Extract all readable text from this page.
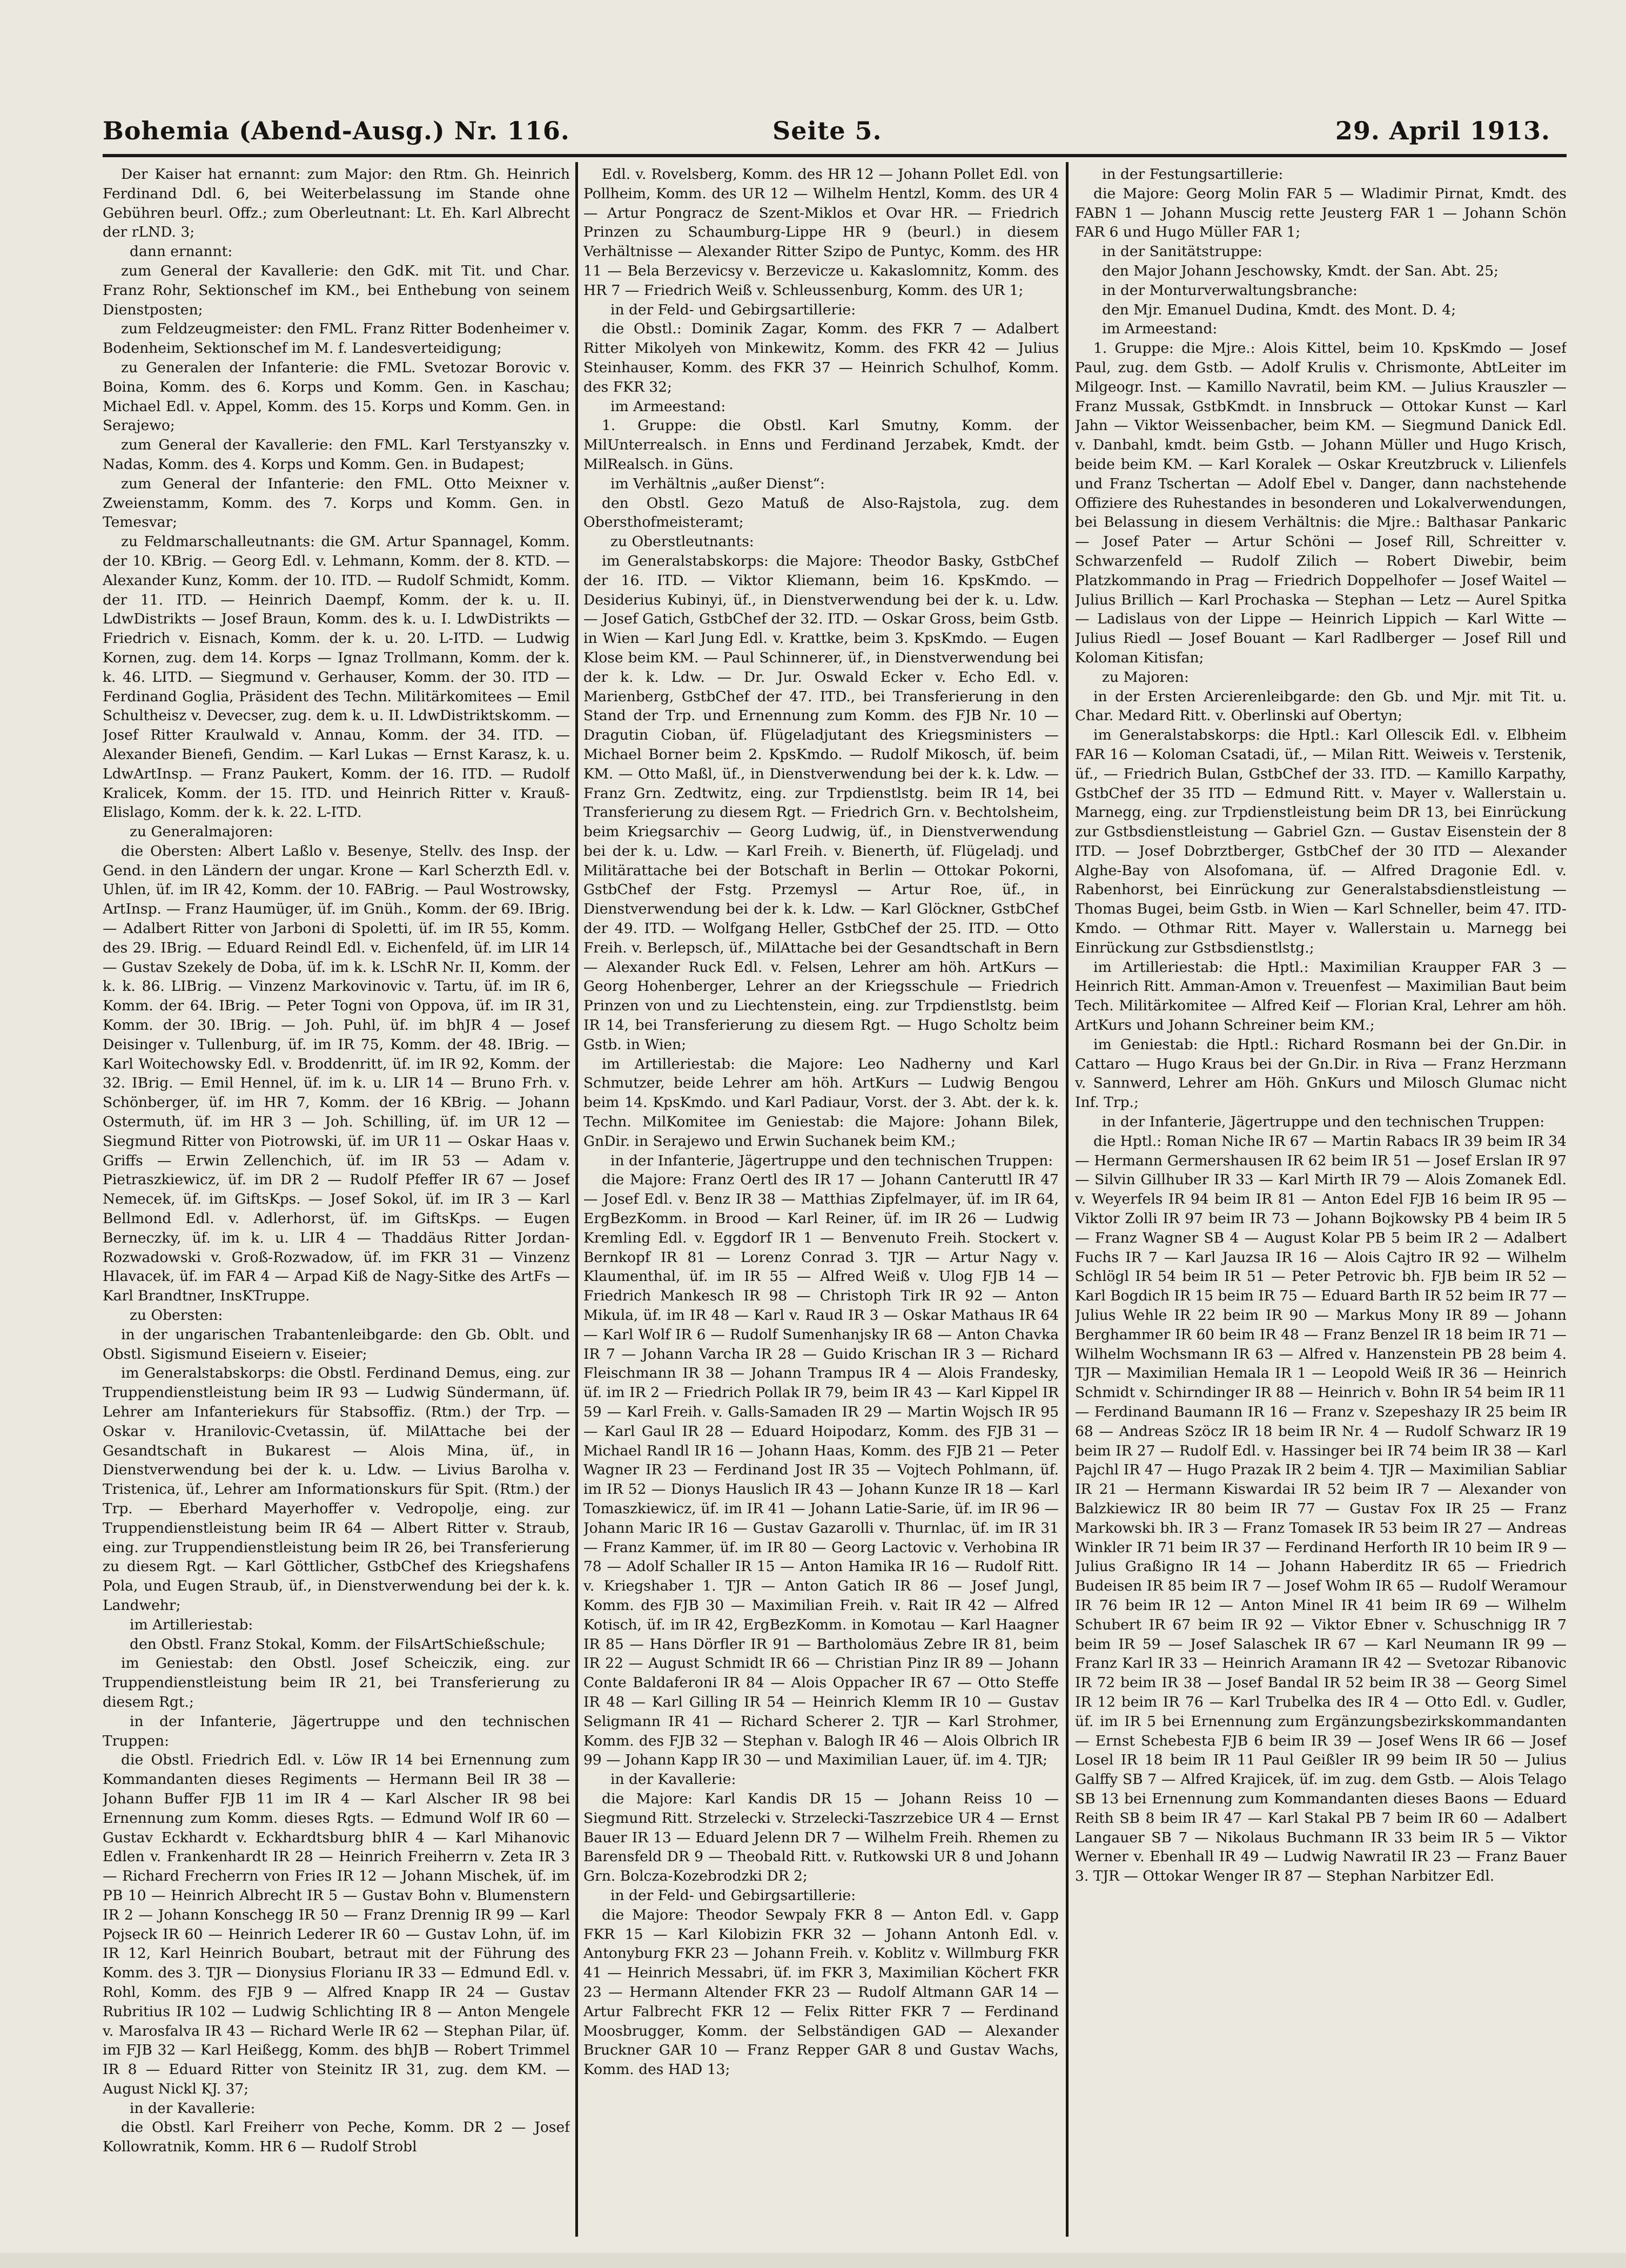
Bohemia (Abend-Ausg.) Nr. 116.	Seite 5.	29. April 1913.

Der Kaiser hat ernannt: zum Major: den Rtm. Gh. Heinrich Ferdinand Ddl. 6, bei Weiterbelassung im Stande ohne Gebühren beurl. Offz.; zum Oberleutnant: Lt. Eh. Karl Albrecht der rLND. 3;

dann ernannt:

zum General der Kavallerie: den GdK. mit Tit. und Char. Franz Rohr, Sektionschef im KM., bei Enthebung von seinem Dienstposten;

zum Feldzeugmeister: den FML. Franz Ritter Bodenheimer v. Bodenheim, Sektionschef im M. f. Landesverteidigung;

zu Generalen der Infanterie: die FML. Svetozar Borovic v. Boina, Komm. des 6. Korps und Komm. Gen. in Kaschau; Michael Edl. v. Appel, Komm. des 15. Korps und Komm. Gen. in Serajewo;

zum General der Kavallerie: den FML. Karl Terstyanszky v. Nadas, Komm. des 4. Korps und Komm. Gen. in Budapest;

zum General der Infanterie: den FML. Otto Meixner v. Zweienstamm, Komm. des 7. Korps und Komm. Gen. in Temesvar;

zu Feldmarschalleutnants: die GM. Artur Spannagel, Komm. der 10. KBrig. — Georg Edl. v. Lehmann, Komm. der 8. KTD. — Alexander Kunz, Komm. der 10. ITD. — Rudolf Schmidt, Komm. der 11. ITD. — Heinrich Daempf, Komm. der k. u. II. LdwDistrikts — Josef Braun, Komm. des k. u. I. LdwDistrikts — Friedrich v. Eisnach, Komm. der k. u. 20. L-ITD. — Ludwig Kornen, zug. dem 14. Korps — Ignaz Trollmann, Komm. der k. k. 46. LITD. — Siegmund v. Gerhauser, Komm. der 30. ITD — Ferdinand Goglia, Präsident des Techn. Militärkomitees — Emil Schultheisz v. Devecser, zug. dem k. u. II. LdwDistriktskomm. — Josef Ritter Kraulwald v. Annau, Komm. der 34. ITD. — Alexander Bienefi, Gendim. — Karl Lukas — Ernst Karasz, k. u. LdwArtInsp. — Franz Paukert, Komm. der 16. ITD. — Rudolf Kralicek, Komm. der 15. ITD. und Heinrich Ritter v. Krauß-Elislago, Komm. der k. k. 22. L-ITD.

zu Generalmajoren:

die Obersten: Albert Laßlo v. Besenye, Stellv. des Insp. der Gend. in den Ländern der ungar. Krone — Karl Scherzth Edl. v. Uhlen, üf. im IR 42, Komm. der 10. FABrig. — Paul Wostrowsky, ArtInsp. — Franz Haumüger, üf. im Gnüh., Komm. der 69. IBrig. — Adalbert Ritter von Jarboni di Spoletti, üf. im IR 55, Komm. des 29. IBrig. — Eduard Reindl Edl. v. Eichenfeld, üf. im LIR 14 — Gustav Szekely de Doba, üf. im k. k. LSchR Nr. II, Komm. der k. k. 86. LIBrig. — Vinzenz Markovinovic v. Tartu, üf. im IR 6, Komm. der 64. IBrig. — Peter Togni von Oppova, üf. im IR 31, Komm. der 30. IBrig. — Joh. Puhl, üf. im bhJR 4 — Josef Deisinger v. Tullenburg, üf. im IR 75, Komm. der 48. IBrig. — Karl Woitechowsky Edl. v. Broddenritt, üf. im IR 92, Komm. der 32. IBrig. — Emil Hennel, üf. im k. u. LIR 14 — Bruno Frh. v. Schönberger, üf. im HR 7, Komm. der 16 KBrig. — Johann Ostermuth, üf. im HR 3 — Joh. Schilling, üf. im UR 12 — Siegmund Ritter von Piotrowski, üf. im UR 11 — Oskar Haas v. Griffs — Erwin Zellenchich, üf. im IR 53 — Adam v. Pietraszkiewicz, üf. im DR 2 — Rudolf Pfeffer IR 67 — Josef Nemecek, üf. im GiftsKps. — Josef Sokol, üf. im IR 3 — Karl Bellmond Edl. v. Adlerhorst, üf. im GiftsKps. — Eugen Berneczky, üf. im k. u. LIR 4 — Thaddäus Ritter Jordan-Rozwadowski v. Groß-Rozwadow, üf. im FKR 31 — Vinzenz Hlavacek, üf. im FAR 4 — Arpad Kiß de Nagy-Sitke des ArtFs — Karl Brandtner, InsKTruppe.

zu Obersten:

in der ungarischen Trabantenleibgarde: den Gb. Oblt. und Obstl. Sigismund Eiseiern v. Eiseier;

im Generalstabskorps: die Obstl. Ferdinand Demus, eing. zur Truppendienstleistung beim IR 93 — Ludwig Sündermann, üf. Lehrer am Infanteriekurs für Stabsoffiz. (Rtm.) der Trp. — Oskar v. Hranilovic-Cvetassin, üf. MilAttache bei der Gesandtschaft in Bukarest — Alois Mina, üf., in Dienstverwendung bei der k. u. Ldw. — Livius Barolha v. Tristenica, üf., Lehrer am Informationskurs für Spit. (Rtm.) der Trp. — Eberhard Mayerhoffer v. Vedropolje, eing. zur Truppendienstleistung beim IR 64 — Albert Ritter v. Straub, eing. zur Truppendienstleistung beim IR 26, bei Transferierung zu diesem Rgt. — Karl Göttlicher, GstbChef des Kriegshafens Pola, und Eugen Straub, üf., in Dienstverwendung bei der k. k. Landwehr;

im Artilleriestab:

den Obstl. Franz Stokal, Komm. der FilsArtSchießschule;

im Geniestab: den Obstl. Josef Scheiczik, eing. zur Truppendienstleistung beim IR 21, bei Transferierung zu diesem Rgt.;

in der Infanterie, Jägertruppe und den technischen Truppen:

die Obstl. Friedrich Edl. v. Löw IR 14 bei Ernennung zum Kommandanten dieses Regiments — Hermann Beil IR 38 — Johann Buffer FJB 11 im IR 4 — Karl Alscher IR 98 bei Ernennung zum Komm. dieses Rgts. — Edmund Wolf IR 60 — Gustav Eckhardt v. Eckhardtsburg bhIR 4 — Karl Mihanovic Edlen v. Frankenhardt IR 28 — Heinrich Freiherrn v. Zeta IR 3 — Richard Frecherrn von Fries IR 12 — Johann Mischek, üf. im PB 10 — Heinrich Albrecht IR 5 — Gustav Bohn v. Blumenstern IR 2 — Johann Konschegg IR 50 — Franz Drennig IR 99 — Karl Pojseck IR 60 — Heinrich Lederer IR 60 — Gustav Lohn, üf. im IR 12, Karl Heinrich Boubart, betraut mit der Führung des Komm. des 3. TJR — Dionysius Florianu IR 33 — Edmund Edl. v. Rohl, Komm. des FJB 9 — Alfred Knapp IR 24 — Gustav Rubritius IR 102 — Ludwig Schlichting IR 8 — Anton Mengele v. Marosfalva IR 43 — Richard Werle IR 62 — Stephan Pilar, üf. im FJB 32 — Karl Heißegg, Komm. des bhJB — Robert Trimmel IR 8 — Eduard Ritter von Steinitz IR 31, zug. dem KM. — August Nickl KJ. 37;

in der Kavallerie:

die Obstl. Karl Freiherr von Peche, Komm. DR 2 — Josef Kollowratnik, Komm. HR 6 — Rudolf Strobl

Edl. v. Rovelsberg, Komm. des HR 12 — Johann Pollet Edl. von Pollheim, Komm. des UR 12 — Wilhelm Hentzl, Komm. des UR 4 — Artur Pongracz de Szent-Miklos et Ovar HR. — Friedrich Prinzen zu Schaumburg-Lippe HR 9 (beurl.) in diesem Verhältnisse — Alexander Ritter Szipo de Puntyc, Komm. des HR 11 — Bela Berzevicsy v. Berzevicze u. Kakaslomnitz, Komm. des HR 7 — Friedrich Weiß v. Schleussenburg, Komm. des UR 1;

in der Feld- und Gebirgsartillerie:

die Obstl.: Dominik Zagar, Komm. des FKR 7 — Adalbert Ritter Mikolyeh von Minkewitz, Komm. des FKR 42 — Julius Steinhauser, Komm. des FKR 37 — Heinrich Schulhof, Komm. des FKR 32;

im Armeestand:

1. Gruppe: die Obstl. Karl Smutny, Komm. der MilUnterrealsch. in Enns und Ferdinand Jerzabek, Kmdt. der MilRealsch. in Güns.

im Verhältnis „außer Dienst“:

den Obstl. Gezo Matuß de Also-Rajstola, zug. dem Obersthofmeisteramt;

zu Oberstleutnants:

im Generalstabskorps: die Majore: Theodor Basky, GstbChef der 16. ITD. — Viktor Kliemann, beim 16. KpsKmdo. — Desiderius Kubinyi, üf., in Dienstverwendung bei der k. u. Ldw. — Josef Gatich, GstbChef der 32. ITD. — Oskar Gross, beim Gstb. in Wien — Karl Jung Edl. v. Krattke, beim 3. KpsKmdo. — Eugen Klose beim KM. — Paul Schinnerer, üf., in Dienstverwendung bei der k. k. Ldw. — Dr. Jur. Oswald Ecker v. Echo Edl. v. Marienberg, GstbChef der 47. ITD., bei Transferierung in den Stand der Trp. und Ernennung zum Komm. des FJB Nr. 10 — Dragutin Cioban, üf. Flügeladjutant des Kriegsministers — Michael Borner beim 2. KpsKmdo. — Rudolf Mikosch, üf. beim KM. — Otto Maßl, üf., in Dienstverwendung bei der k. k. Ldw. — Franz Grn. Zedtwitz, eing. zur Trpdienstlstg. beim IR 14, bei Transferierung zu diesem Rgt. — Friedrich Grn. v. Bechtolsheim, beim Kriegsarchiv — Georg Ludwig, üf., in Dienstverwendung bei der k. u. Ldw. — Karl Freih. v. Bienerth, üf. Flügeladj. und Militärattache bei der Botschaft in Berlin — Ottokar Pokorni, GstbChef der Fstg. Przemysl — Artur Roe, üf., in Dienstverwendung bei der k. k. Ldw. — Karl Glöckner, GstbChef der 49. ITD. — Wolfgang Heller, GstbChef der 25. ITD. — Otto Freih. v. Berlepsch, üf., MilAttache bei der Gesandtschaft in Bern — Alexander Ruck Edl. v. Felsen, Lehrer am höh. ArtKurs — Georg Hohenberger, Lehrer an der Kriegsschule — Friedrich Prinzen von und zu Liechtenstein, eing. zur Trpdienstlstg. beim IR 14, bei Transferierung zu diesem Rgt. — Hugo Scholtz beim Gstb. in Wien;

im Artilleriestab: die Majore: Leo Nadherny und Karl Schmutzer, beide Lehrer am höh. ArtKurs — Ludwig Bengou beim 14. KpsKmdo. und Karl Padiaur, Vorst. der 3. Abt. der k. k. Techn. MilKomitee im Geniestab: die Majore: Johann Bilek, GnDir. in Serajewo und Erwin Suchanek beim KM.;

in der Infanterie, Jägertruppe und den technischen Truppen:

die Majore: Franz Oertl des IR 17 — Johann Canteruttl IR 47 — Josef Edl. v. Benz IR 38 — Matthias Zipfelmayer, üf. im IR 64, ErgBezKomm. in Brood — Karl Reiner, üf. im IR 26 — Ludwig Kremling Edl. v. Eggdorf IR 1 — Benvenuto Freih. Stockert v. Bernkopf IR 81 — Lorenz Conrad 3. TJR — Artur Nagy v. Klaumenthal, üf. im IR 55 — Alfred Weiß v. Ulog FJB 14 — Friedrich Mankesch IR 98 — Christoph Tirk IR 92 — Anton Mikula, üf. im IR 48 — Karl v. Raud IR 3 — Oskar Mathaus IR 64 — Karl Wolf IR 6 — Rudolf Sumenhanjsky IR 68 — Anton Chavka IR 7 — Johann Varcha IR 28 — Guido Krischan IR 3 — Richard Fleischmann IR 38 — Johann Trampus IR 4 — Alois Frandesky, üf. im IR 2 — Friedrich Pollak IR 79, beim IR 43 — Karl Kippel IR 59 — Karl Freih. v. Galls-Samaden IR 29 — Martin Wojsch IR 95 — Karl Gaul IR 28 — Eduard Hoipodarz, Komm. des FJB 31 — Michael Randl IR 16 — Johann Haas, Komm. des FJB 21 — Peter Wagner IR 23 — Ferdinand Jost IR 35 — Vojtech Pohlmann, üf. im IR 52 — Dionys Hauslich IR 43 — Johann Kunze IR 18 — Karl Tomaszkiewicz, üf. im IR 41 — Johann Latie-Sarie, üf. im IR 96 — Johann Maric IR 16 — Gustav Gazarolli v. Thurnlac, üf. im IR 31 — Franz Kammer, üf. im IR 80 — Georg Lactovic v. Verhobina IR 78 — Adolf Schaller IR 15 — Anton Hamika IR 16 — Rudolf Ritt. v. Kriegshaber 1. TJR — Anton Gatich IR 86 — Josef Jungl, Komm. des FJB 30 — Maximilian Freih. v. Rait IR 42 — Alfred Kotisch, üf. im IR 42, ErgBezKomm. in Komotau — Karl Haagner IR 85 — Hans Dörfler IR 91 — Bartholomäus Zebre IR 81, beim IR 22 — August Schmidt IR 66 — Christian Pinz IR 89 — Johann Conte Baldaferoni IR 84 — Alois Oppacher IR 67 — Otto Steffe IR 48 — Karl Gilling IR 54 — Heinrich Klemm IR 10 — Gustav Seligmann IR 41 — Richard Scherer 2. TJR — Karl Strohmer, Komm. des FJB 32 — Stephan v. Balogh IR 46 — Alois Olbrich IR 99 — Johann Kapp IR 30 — und Maximilian Lauer, üf. im 4. TJR;

in der Kavallerie:

die Majore: Karl Kandis DR 15 — Johann Reiss 10 — Siegmund Ritt. Strzelecki v. Strzelecki-Taszrzebice UR 4 — Ernst Bauer IR 13 — Eduard Jelenn DR 7 — Wilhelm Freih. Rhemen zu Barensfeld DR 9 — Theobald Ritt. v. Rutkowski UR 8 und Johann Grn. Bolcza-Kozebrodzki DR 2;

in der Feld- und Gebirgsartillerie:

die Majore: Theodor Sewpaly FKR 8 — Anton Edl. v. Gapp FKR 15 — Karl Kilobizin FKR 32 — Johann Antonh Edl. v. Antonyburg FKR 23 — Johann Freih. v. Koblitz v. Willmburg FKR 41 — Heinrich Messabri, üf. im FKR 3, Maximilian Köchert FKR 23 — Hermann Altender FKR 23 — Rudolf Altmann GAR 14 — Artur Falbrecht FKR 12 — Felix Ritter FKR 7 — Ferdinand Moosbrugger, Komm. der Selbständigen GAD — Alexander Bruckner GAR 10 — Franz Repper GAR 8 und Gustav Wachs, Komm. des HAD 13;

in der Festungsartillerie:

die Majore: Georg Molin FAR 5 — Wladimir Pirnat, Kmdt. des FABN 1 — Johann Muscig rette Jeusterg FAR 1 — Johann Schön FAR 6 und Hugo Müller FAR 1;

in der Sanitätstruppe:

den Major Johann Jeschowsky, Kmdt. der San. Abt. 25;

in der Monturverwaltungsbranche:

den Mjr. Emanuel Dudina, Kmdt. des Mont. D. 4;

im Armeestand:

1. Gruppe: die Mjre.: Alois Kittel, beim 10. KpsKmdo — Josef Paul, zug. dem Gstb. — Adolf Krulis v. Chrismonte, AbtLeiter im Milgeogr. Inst. — Kamillo Navratil, beim KM. — Julius Krauszler — Franz Mussak, GstbKmdt. in Innsbruck — Ottokar Kunst — Karl Jahn — Viktor Weissenbacher, beim KM. — Siegmund Danick Edl. v. Danbahl, kmdt. beim Gstb. — Johann Müller und Hugo Krisch, beide beim KM. — Karl Koralek — Oskar Kreutzbruck v. Lilienfels und Franz Tschertan — Adolf Ebel v. Danger, dann nachstehende Offiziere des Ruhestandes in besonderen und Lokalverwendungen, bei Belassung in diesem Verhältnis: die Mjre.: Balthasar Pankaric — Josef Pater — Artur Schöni — Josef Rill, Schreitter v. Schwarzenfeld — Rudolf Zilich — Robert Diwebir, beim Platzkommando in Prag — Friedrich Doppelhofer — Josef Waitel — Julius Brillich — Karl Prochaska — Stephan — Letz — Aurel Spitka — Ladislaus von der Lippe — Heinrich Lippich — Karl Witte — Julius Riedl — Josef Bouant — Karl Radlberger — Josef Rill und Koloman Kitisfan;

zu Majoren:

in der Ersten Arcierenleibgarde: den Gb. und Mjr. mit Tit. u. Char. Medard Ritt. v. Oberlinski auf Obertyn;

im Generalstabskorps: die Hptl.: Karl Ollescik Edl. v. Elbheim FAR 16 — Koloman Csatadi, üf., — Milan Ritt. Weiweis v. Terstenik, üf., — Friedrich Bulan, GstbChef der 33. ITD. — Kamillo Karpathy, GstbChef der 35 ITD — Edmund Ritt. v. Mayer v. Wallerstain u. Marnegg, eing. zur Trpdienstleistung beim DR 13, bei Einrückung zur Gstbsdienstleistung — Gabriel Gzn. — Gustav Eisenstein der 8 ITD. — Josef Dobrztberger, GstbChef der 30 ITD — Alexander Alghe-Bay von Alsofomana, üf. — Alfred Dragonie Edl. v. Rabenhorst, bei Einrückung zur Generalstabsdienstleistung — Thomas Bugei, beim Gstb. in Wien — Karl Schneller, beim 47. ITD-Kmdo. — Othmar Ritt. Mayer v. Wallerstain u. Marnegg bei Einrückung zur Gstbsdienstlstg.;

im Artilleriestab: die Hptl.: Maximilian Kraupper FAR 3 — Heinrich Ritt. Amman-Amon v. Treuenfest — Maximilian Baut beim Tech. Militärkomitee — Alfred Keif — Florian Kral, Lehrer am höh. ArtKurs und Johann Schreiner beim KM.;

im Geniestab: die Hptl.: Richard Rosmann bei der Gn.Dir. in Cattaro — Hugo Kraus bei der Gn.Dir. in Riva — Franz Herzmann v. Sannwerd, Lehrer am Höh. GnKurs und Milosch Glumac nicht Inf. Trp.;

in der Infanterie, Jägertruppe und den technischen Truppen:

die Hptl.: Roman Niche IR 67 — Martin Rabacs IR 39 beim IR 34 — Hermann Germershausen IR 62 beim IR 51 — Josef Erslan IR 97 — Silvin Gillhuber IR 33 — Karl Mirth IR 79 — Alois Zomanek Edl. v. Weyerfels IR 94 beim IR 81 — Anton Edel FJB 16 beim IR 95 — Viktor Zolli IR 97 beim IR 73 — Johann Bojkowsky PB 4 beim IR 5 — Franz Wagner SB 4 — August Kolar PB 5 beim IR 2 — Adalbert Fuchs IR 7 — Karl Jauzsa IR 16 — Alois Cajtro IR 92 — Wilhelm Schlögl IR 54 beim IR 51 — Peter Petrovic bh. FJB beim IR 52 — Karl Bogdich IR 15 beim IR 75 — Eduard Barth IR 52 beim IR 77 — Julius Wehle IR 22 beim IR 90 — Markus Mony IR 89 — Johann Berghammer IR 60 beim IR 48 — Franz Benzel IR 18 beim IR 71 — Wilhelm Wochsmann IR 63 — Alfred v. Hanzenstein PB 28 beim 4. TJR — Maximilian Hemala IR 1 — Leopold Weiß IR 36 — Heinrich Schmidt v. Schirndinger IR 88 — Heinrich v. Bohn IR 54 beim IR 11 — Ferdinand Baumann IR 16 — Franz v. Szepeshazy IR 25 beim IR 68 — Andreas Szöcz IR 18 beim IR Nr. 4 — Rudolf Schwarz IR 19 beim IR 27 — Rudolf Edl. v. Hassinger bei IR 74 beim IR 38 — Karl Pajchl IR 47 — Hugo Prazak IR 2 beim 4. TJR — Maximilian Sabliar IR 21 — Hermann Kiswardai IR 52 beim IR 7 — Alexander von Balzkiewicz IR 80 beim IR 77 — Gustav Fox IR 25 — Franz Markowski bh. IR 3 — Franz Tomasek IR 53 beim IR 27 — Andreas Winkler IR 71 beim IR 37 — Ferdinand Herforth IR 10 beim IR 9 — Julius Graßigno IR 14 — Johann Haberditz IR 65 — Friedrich Budeisen IR 85 beim IR 7 — Josef Wohm IR 65 — Rudolf Weramour IR 76 beim IR 12 — Anton Minel IR 41 beim IR 69 — Wilhelm Schubert IR 67 beim IR 92 — Viktor Ebner v. Schuschnigg IR 7 beim IR 59 — Josef Salaschek IR 67 — Karl Neumann IR 99 — Franz Karl IR 33 — Heinrich Aramann IR 42 — Svetozar Ribanovic IR 72 beim IR 38 — Josef Bandal IR 52 beim IR 38 — Georg Simel IR 12 beim IR 76 — Karl Trubelka des IR 4 — Otto Edl. v. Gudler, üf. im IR 5 bei Ernennung zum Ergänzungsbezirkskommandanten — Ernst Schebesta FJB 6 beim IR 39 — Josef Wens IR 66 — Josef Losel IR 18 beim IR 11 Paul Geißler IR 99 beim IR 50 — Julius Galffy SB 7 — Alfred Krajicek, üf. im zug. dem Gstb. — Alois Telago SB 13 bei Ernennung zum Kommandanten dieses Baons — Eduard Reith SB 8 beim IR 47 — Karl Stakal PB 7 beim IR 60 — Adalbert Langauer SB 7 — Nikolaus Buchmann IR 33 beim IR 5 — Viktor Werner v. Ebenhall IR 49 — Ludwig Nawratil IR 23 — Franz Bauer 3. TJR — Ottokar Wenger IR 87 — Stephan Narbitzer Edl.
